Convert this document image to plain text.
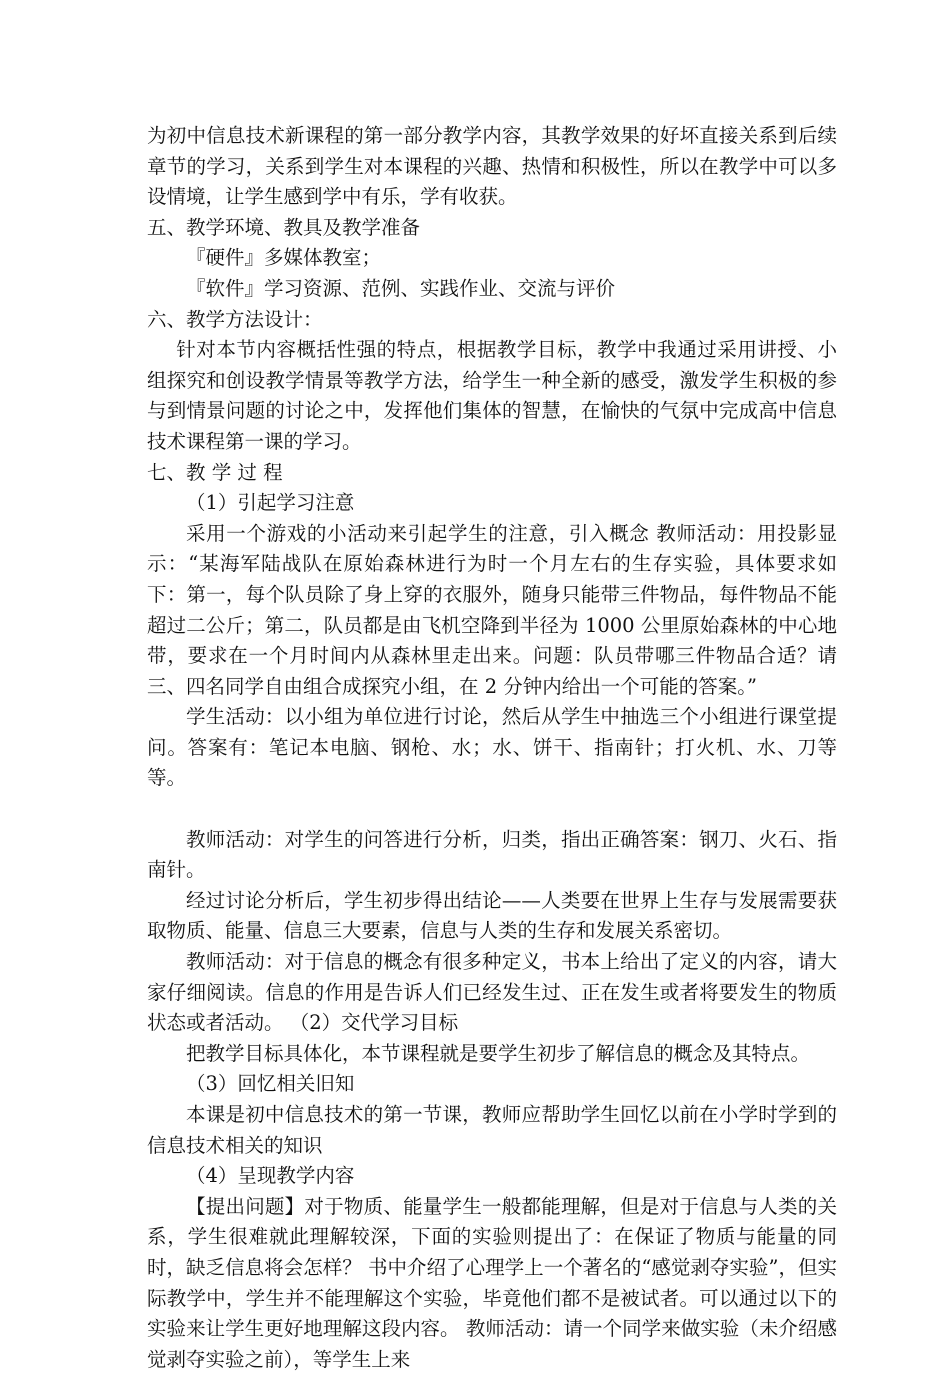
为初中信息技术新课程的第一部分教学内容，其教学效果的好坏直接关系到后续章节的学习，关系到学生对本课程的兴趣、热情和积极性，所以在教学中可以多设情境，让学生感到学中有乐，学有收获。

五、教学环境、教具及教学准备

『硬件』多媒体教室；

『软件』学习资源、范例、实践作业、交流与评价

六、教学方法设计：

针对本节内容概括性强的特点，根据教学目标，教学中我通过采用讲授、小组探究和创设教学情景等教学方法，给学生一种全新的感受，激发学生积极的参与到情景问题的讨论之中，发挥他们集体的智慧，在愉快的气氛中完成高中信息技术课程第一课的学习。

七、教 学 过 程

（1）引起学习注意

采用一个游戏的小活动来引起学生的注意，引入概念 教师活动：用投影显示：“某海军陆战队在原始森林进行为时一个月左右的生存实验，具体要求如下：第一，每个队员除了身上穿的衣服外，随身只能带三件物品，每件物品不能超过二公斤；第二，队员都是由飞机空降到半径为 1000 公里原始森林的中心地带，要求在一个月时间内从森林里走出来。问题：队员带哪三件物品合适？请三、四名同学自由组合成探究小组，在 2 分钟内给出一个可能的答案。”

学生活动：以小组为单位进行讨论，然后从学生中抽选三个小组进行课堂提问。答案有：笔记本电脑、钢枪、水；水、饼干、指南针；打火机、水、刀等等。

教师活动：对学生的问答进行分析，归类，指出正确答案：钢刀、火石、指南针。

经过讨论分析后，学生初步得出结论——人类要在世界上生存与发展需要获取物质、能量、信息三大要素，信息与人类的生存和发展关系密切。

教师活动：对于信息的概念有很多种定义，书本上给出了定义的内容，请大家仔细阅读。信息的作用是告诉人们已经发生过、正在发生或者将要发生的物质状态或者活动。 （2）交代学习目标

把教学目标具体化，本节课程就是要学生初步了解信息的概念及其特点。

（3）回忆相关旧知

本课是初中信息技术的第一节课，教师应帮助学生回忆以前在小学时学到的信息技术相关的知识

（4）呈现教学内容

【提出问题】对于物质、能量学生一般都能理解，但是对于信息与人类的关系，学生很难就此理解较深，下面的实验则提出了：在保证了物质与能量的同时，缺乏信息将会怎样？ 书中介绍了心理学上一个著名的“感觉剥夺实验”，但实际教学中，学生并不能理解这个实验，毕竟他们都不是被试者。可以通过以下的实验来让学生更好地理解这段内容。 教师活动：请一个同学来做实验（未介绍感觉剥夺实验之前），等学生上来
